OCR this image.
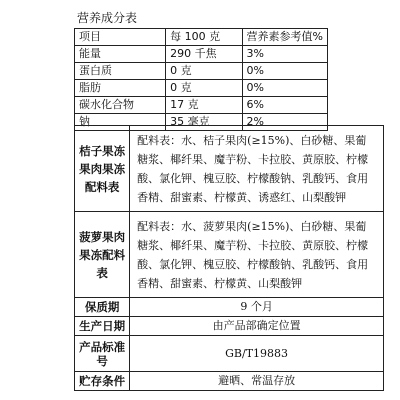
营养成分表
项目	每 100 克	营养素参考值%
能量	290 千焦	3%
蛋白质	0 克	0%
脂肪	0 克	0%
碳水化合物	17 克	6%
钠	35 毫克	2%
桔子果冻果肉果冻配料表	配料表：水、桔子果肉(≥15%)、白砂糖、果葡糖浆、椰纤果、魔芋粉、卡拉胶、黄原胶、柠檬酸、氯化钾、槐豆胶、柠檬酸钠、乳酸钙、食用香精、甜蜜素、柠檬黄、诱惑红、山梨酸钾
菠萝果肉果冻配料表	配料表：水、菠萝果肉(≥15%)、白砂糖、果葡糖浆、椰纤果、魔芋粉、卡拉胶、黄原胶、柠檬酸、氯化钾、槐豆胶、柠檬酸钠、乳酸钙、食用香精、甜蜜素、柠檬黄、山梨酸钾
保质期	9 个月
生产日期	由产品部确定位置
产品标准号	GB/T19883
贮存条件	避晒、常温存放
